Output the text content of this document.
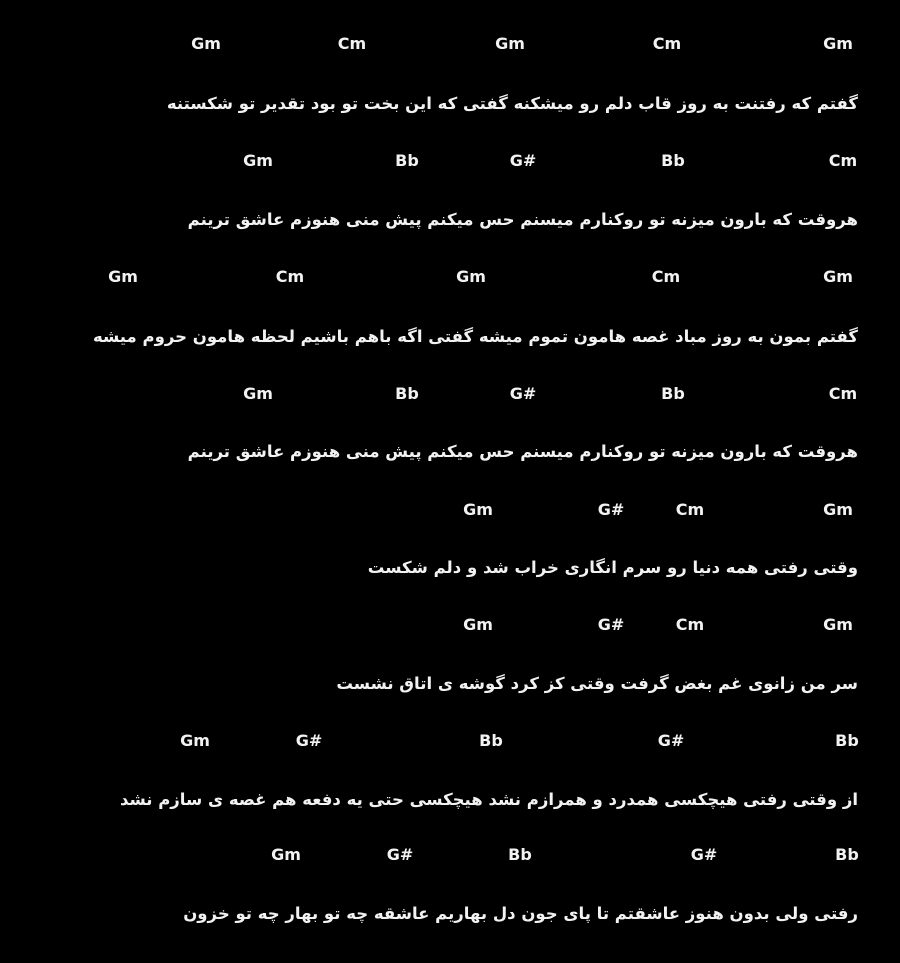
Gm	Cm	Gm	Cm	Gm
گفتم که رفتنت به روز قاب دلم رو میشکنه گفتی که این بخت تو بود تقدیر تو شکستنه
Gm	Bb	G#	Bb	Cm
هروقت که بارون میزنه تو روکنارم میسنم حس میکنم پیش منی هنوزم عاشق ترینم
Gm	Cm	Gm	Cm	Gm
گفتم بمون به روز مباد غصه هامون تموم میشه گفتی اگه باهم باشیم لحظه هامون حروم میشه
Gm	Bb	G#	Bb	Cm
هروقت که بارون میزنه تو روکنارم میسنم حس میکنم پیش منی هنوزم عاشق ترینم
Gm	G#	Cm	Gm
وقتی رفتی همه دنیا رو سرم انگاری خراب شد و دلم شکست
Gm	G#	Cm	Gm
سر من زانوی غم بغض گرفت وقتی کز کرد گوشه ی اتاق نشست
Gm	G#	Bb	G#	Bb
از وقتی رفتی هیچکسی همدرد و همرازم نشد هیچکسی حتی یه دفعه هم غصه ی سازم نشد
Gm	G#	Bb	G#	Bb
رفتی ولی بدون هنوز عاشقتم تا پای جون دل بهاریم عاشقه چه تو بهار چه تو خزون
